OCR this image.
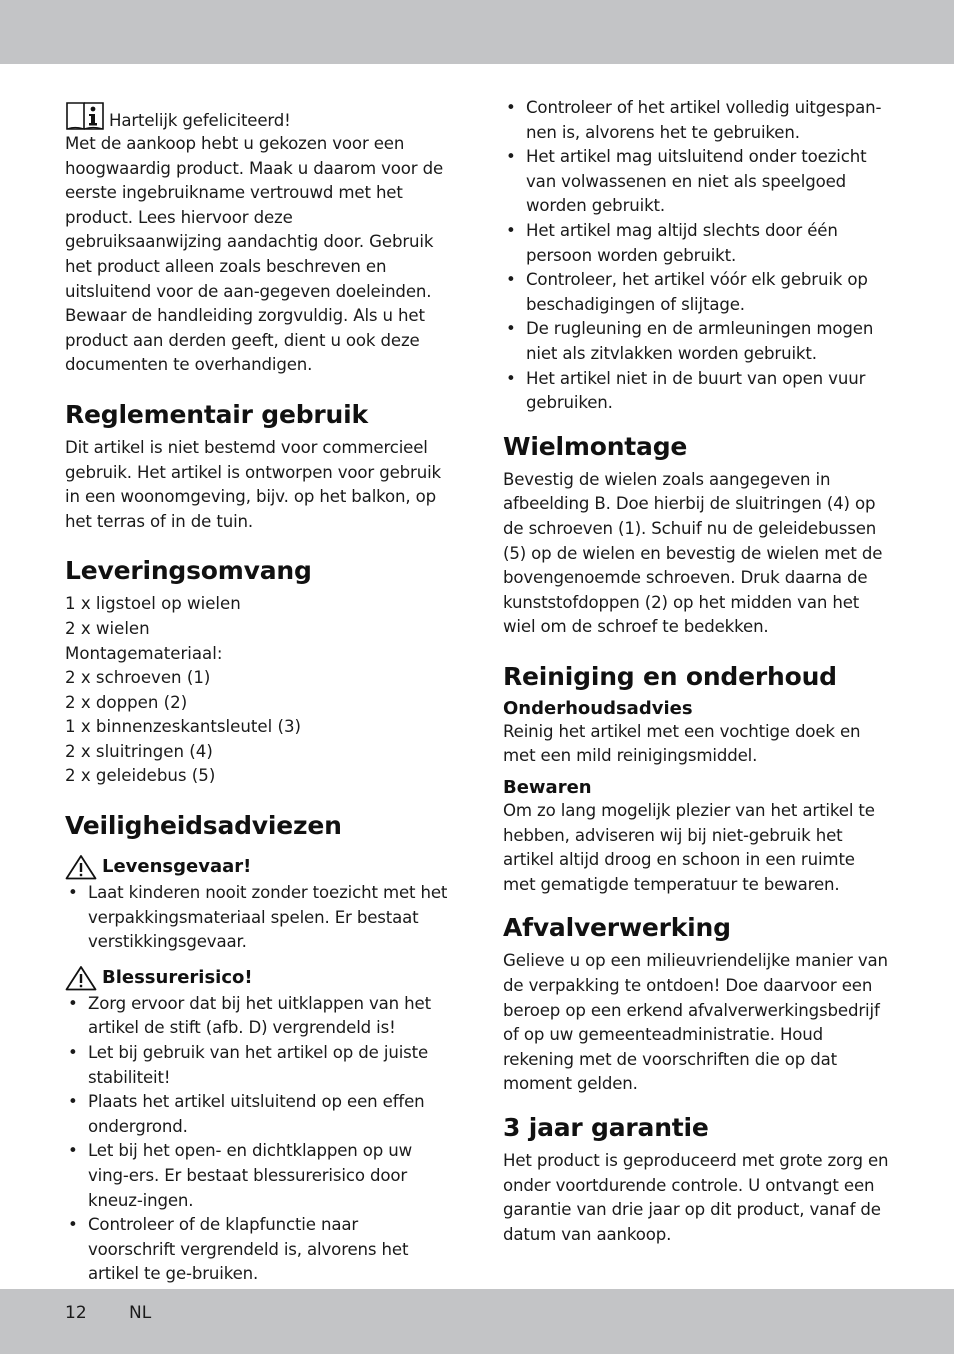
Hartelijk gefeliciteerd!

Met de aankoop hebt u gekozen voor een hoogwaardig product. Maak u daarom voor de eerste ingebruikname vertrouwd met het product. Lees hiervoor deze gebruiksaanwijzing aandachtig door. Gebruik het product alleen zoals beschreven en uitsluitend voor de aan-gegeven doeleinden. Bewaar de handleiding zorgvuldig. Als u het product aan derden geeft, dient u ook deze documenten te overhandigen.

Reglementair gebruik

Dit artikel is niet bestemd voor commercieel gebruik. Het artikel is ontworpen voor gebruik in een woonomgeving, bijv. op het balkon, op het terras of in de tuin.

Leveringsomvang
1 x ligstoel op wielen
2 x wielen
Montagemateriaal:
2 x schroeven (1)
2 x doppen (2)
1 x binnenzeskantsleutel (3)
2 x sluitringen (4)
2 x geleidebus (5)
Veiligheidsadviezen
Levensgevaar!
• Laat kinderen nooit zonder toezicht met het verpakkingsmateriaal spelen. Er bestaat verstikkingsgevaar.
Blessurerisico!
• Zorg ervoor dat bij het uitklappen van het artikel de stift (afb. D) vergrendeld is!
• Let bij gebruik van het artikel op de juiste stabiliteit!
• Plaats het artikel uitsluitend op een effen ondergrond.
• Let bij het open- en dichtklappen op uw ving-ers. Er bestaat blessurerisico door kneuz-ingen.
• Controleer of de klapfunctie naar voorschrift vergrendeld is, alvorens het artikel te ge-bruiken.
• Controleer of het artikel volledig uitgespan-nen is, alvorens het te gebruiken.
• Het artikel mag uitsluitend onder toezicht van volwassenen en niet als speelgoed worden gebruikt.
• Het artikel mag altijd slechts door één persoon worden gebruikt.
• Controleer, het artikel vóór elk gebruik op beschadigingen of slijtage.
• De rugleuning en de armleuningen mogen niet als zitvlakken worden gebruikt.
• Het artikel niet in de buurt van open vuur gebruiken.
Wielmontage

Bevestig de wielen zoals aangegeven in afbeelding B. Doe hierbij de sluitringen (4) op de schroeven (1). Schuif nu de geleidebussen (5) op de wielen en bevestig de wielen met de bovengenoemde schroeven. Druk daarna de kunststofdoppen (2) op het midden van het wiel om de schroef te bedekken.

Reiniging en onderhoud
Onderhoudsadvies

Reinig het artikel met een vochtige doek en met een mild reinigingsmiddel.

Bewaren

Om zo lang mogelijk plezier van het artikel te hebben, adviseren wij bij niet-gebruik het artikel altijd droog en schoon in een ruimte met gematigde temperatuur te bewaren.

Afvalverwerking

Gelieve u op een milieuvriendelijke manier van de verpakking te ontdoen! Doe daarvoor een beroep op een erkend afvalverwerkingsbedrijf of op uw gemeenteadministratie. Houd rekening met de voorschriften die op dat moment gelden.

3 jaar garantie

Het product is geproduceerd met grote zorg en onder voortdurende controle. U ontvangt een garantie van drie jaar op dit product, vanaf de datum van aankoop.

12 NL
